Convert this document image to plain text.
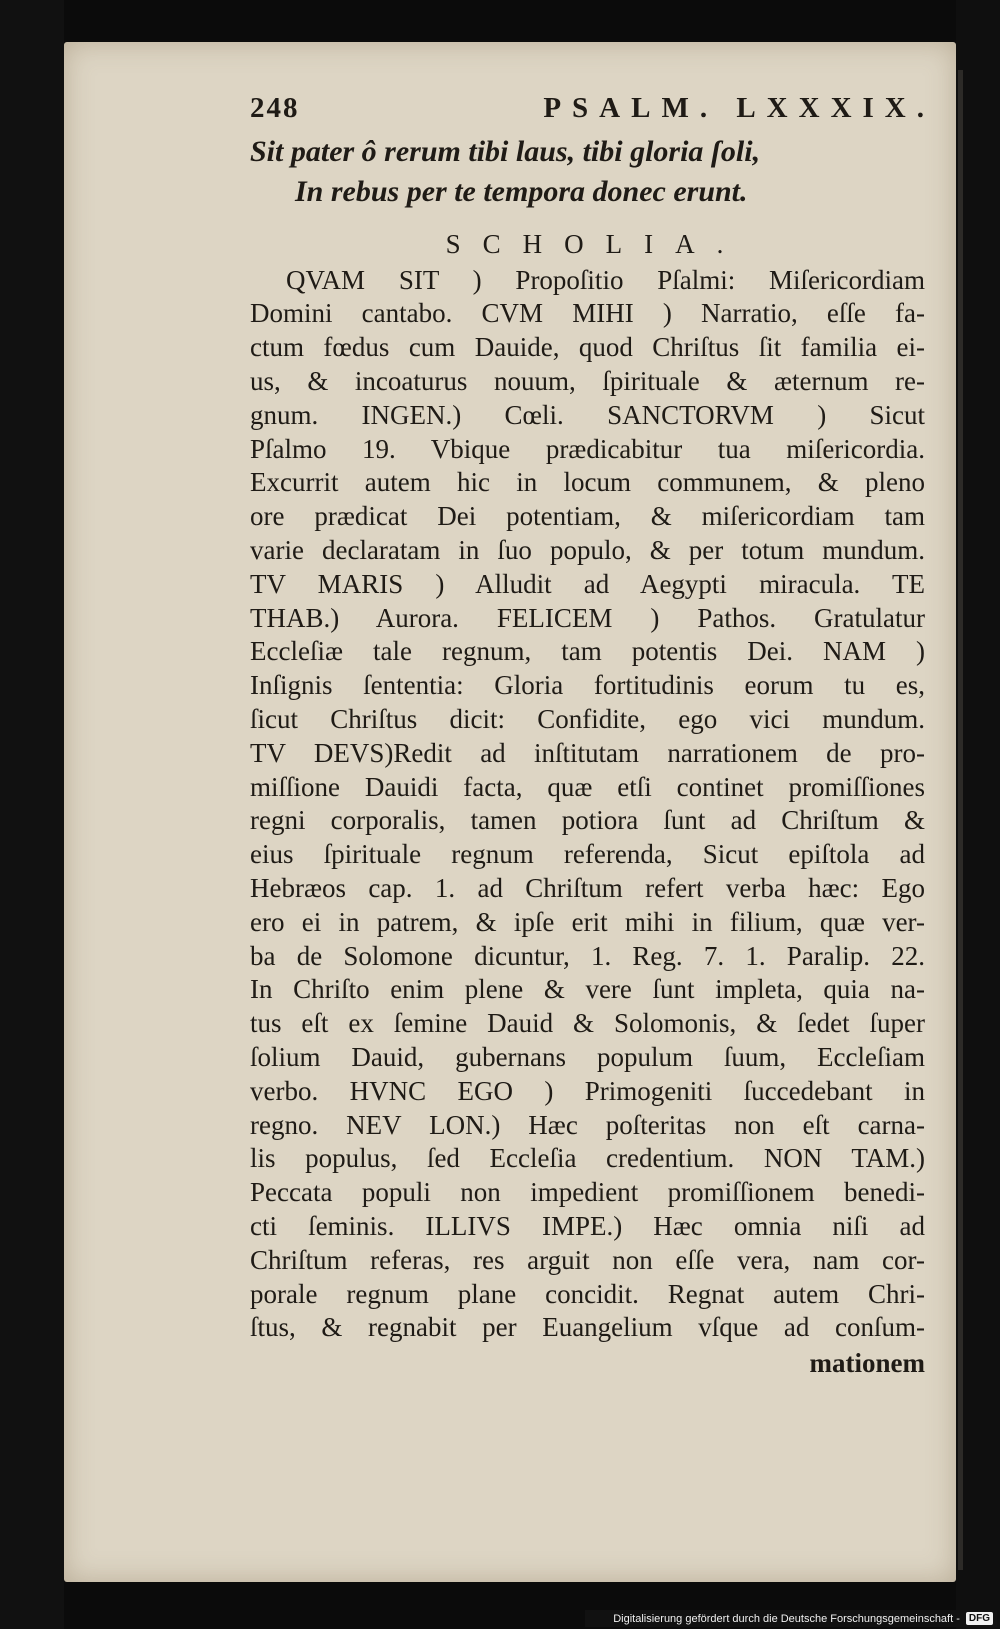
248	PSALM. LXXXIX.
Sit pater ô rerum tibi laus, tibi gloria ſoli,
In rebus per te tempora donec erunt.
SCHOLIA.

QVAM SIT ) Propoſitio Pſalmi: Miſericordiam

Domini cantabo. CVM MIHI ) Narratio, eſſe fa-

ctum fœdus cum Dauide, quod Chriſtus ſit familia ei-

us, & incoaturus nouum, ſpirituale & æternum re-

gnum. INGEN.) Cœli. SANCTORVM ) Sicut

Pſalmo 19. Vbique prædicabitur tua miſericordia.

Excurrit autem hic in locum communem, & pleno

ore prædicat Dei potentiam, & miſericordiam tam

varie declaratam in ſuo populo, & per totum mundum.

TV MARIS ) Alludit ad Aegypti miracula. TE

THAB.) Aurora. FELICEM ) Pathos. Gratulatur

Eccleſiæ tale regnum, tam potentis Dei. NAM )

Inſignis ſententia: Gloria fortitudinis eorum tu es,

ſicut Chriſtus dicit: Confidite, ego vici mundum.

TV DEVS)Redit ad inſtitutam narrationem de pro-

miſſione Dauidi facta, quæ etſi continet promiſſiones

regni corporalis, tamen potiora ſunt ad Chriſtum &

eius ſpirituale regnum referenda, Sicut epiſtola ad

Hebræos cap. 1. ad Chriſtum refert verba hæc: Ego

ero ei in patrem, & ipſe erit mihi in filium, quæ ver-

ba de Solomone dicuntur, 1. Reg. 7. 1. Paralip. 22.

In Chriſto enim plene & vere ſunt impleta, quia na-

tus eſt ex ſemine Dauid & Solomonis, & ſedet ſuper

ſolium Dauid, gubernans populum ſuum, Eccleſiam

verbo. HVNC EGO ) Primogeniti ſuccedebant in

regno. NEV LON.) Hæc poſteritas non eſt carna-

lis populus, ſed Eccleſia credentium. NON TAM.)

Peccata populi non impedient promiſſionem benedi-

cti ſeminis. ILLIVS IMPE.) Hæc omnia niſi ad

Chriſtum referas, res arguit non eſſe vera, nam cor-

porale regnum plane concidit. Regnat autem Chri-

ſtus, & regnabit per Euangelium vſque ad conſum-

mationem
Digitalisierung gefördert durch die Deutsche Forschungsgemeinschaft - DFG
